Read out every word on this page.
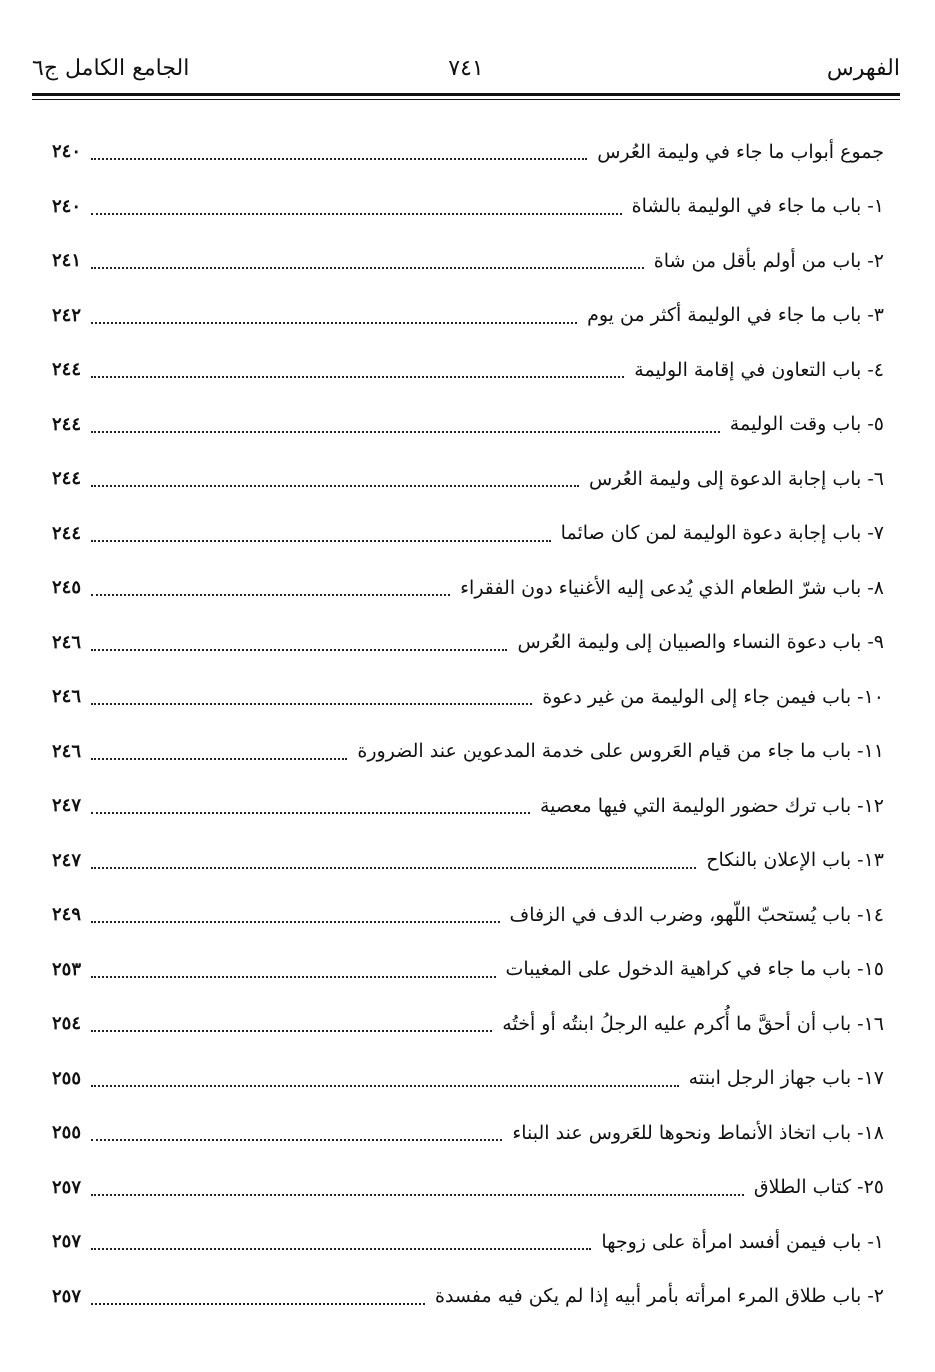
الفهرس
٧٤١
الجامع الكامل ج٦
جموع أبواب ما جاء في وليمة العُرس
٢٤٠
١- باب ما جاء في الوليمة بالشاة
٢٤٠
٢- باب من أولم بأقل من شاة
٢٤١
٣- باب ما جاء في الوليمة أكثر من يوم
٢٤٢
٤- باب التعاون في إقامة الوليمة
٢٤٤
٥- باب وقت الوليمة
٢٤٤
٦- باب إجابة الدعوة إلى وليمة العُرس
٢٤٤
٧- باب إجابة دعوة الوليمة لمن كان صائما
٢٤٤
٨- باب شرّ الطعام الذي يُدعى إليه الأغنياء دون الفقراء
٢٤٥
٩- باب دعوة النساء والصبيان إلى وليمة العُرس
٢٤٦
١٠- باب فيمن جاء إلى الوليمة من غير دعوة
٢٤٦
١١- باب ما جاء من قيام العَروس على خدمة المدعوين عند الضرورة
٢٤٦
١٢- باب ترك حضور الوليمة التي فيها معصية
٢٤٧
١٣- باب الإعلان بالنكاح
٢٤٧
١٤- باب يُستحبّ اللّهو، وضرب الدف في الزفاف
٢٤٩
١٥- باب ما جاء في كراهية الدخول على المغيبات
٢٥٣
١٦- باب أن أحقَّ ما أُكرم عليه الرجلُ ابنتُه أو أختُه
٢٥٤
١٧- باب جهاز الرجل ابنته
٢٥٥
١٨- باب اتخاذ الأنماط ونحوها للعَروس عند البناء
٢٥٥
٢٥- كتاب الطلاق
٢٥٧
١- باب فيمن أفسد امرأة على زوجها
٢٥٧
٢- باب طلاق المرء امرأته بأمر أبيه إذا لم يكن فيه مفسدة
٢٥٧
